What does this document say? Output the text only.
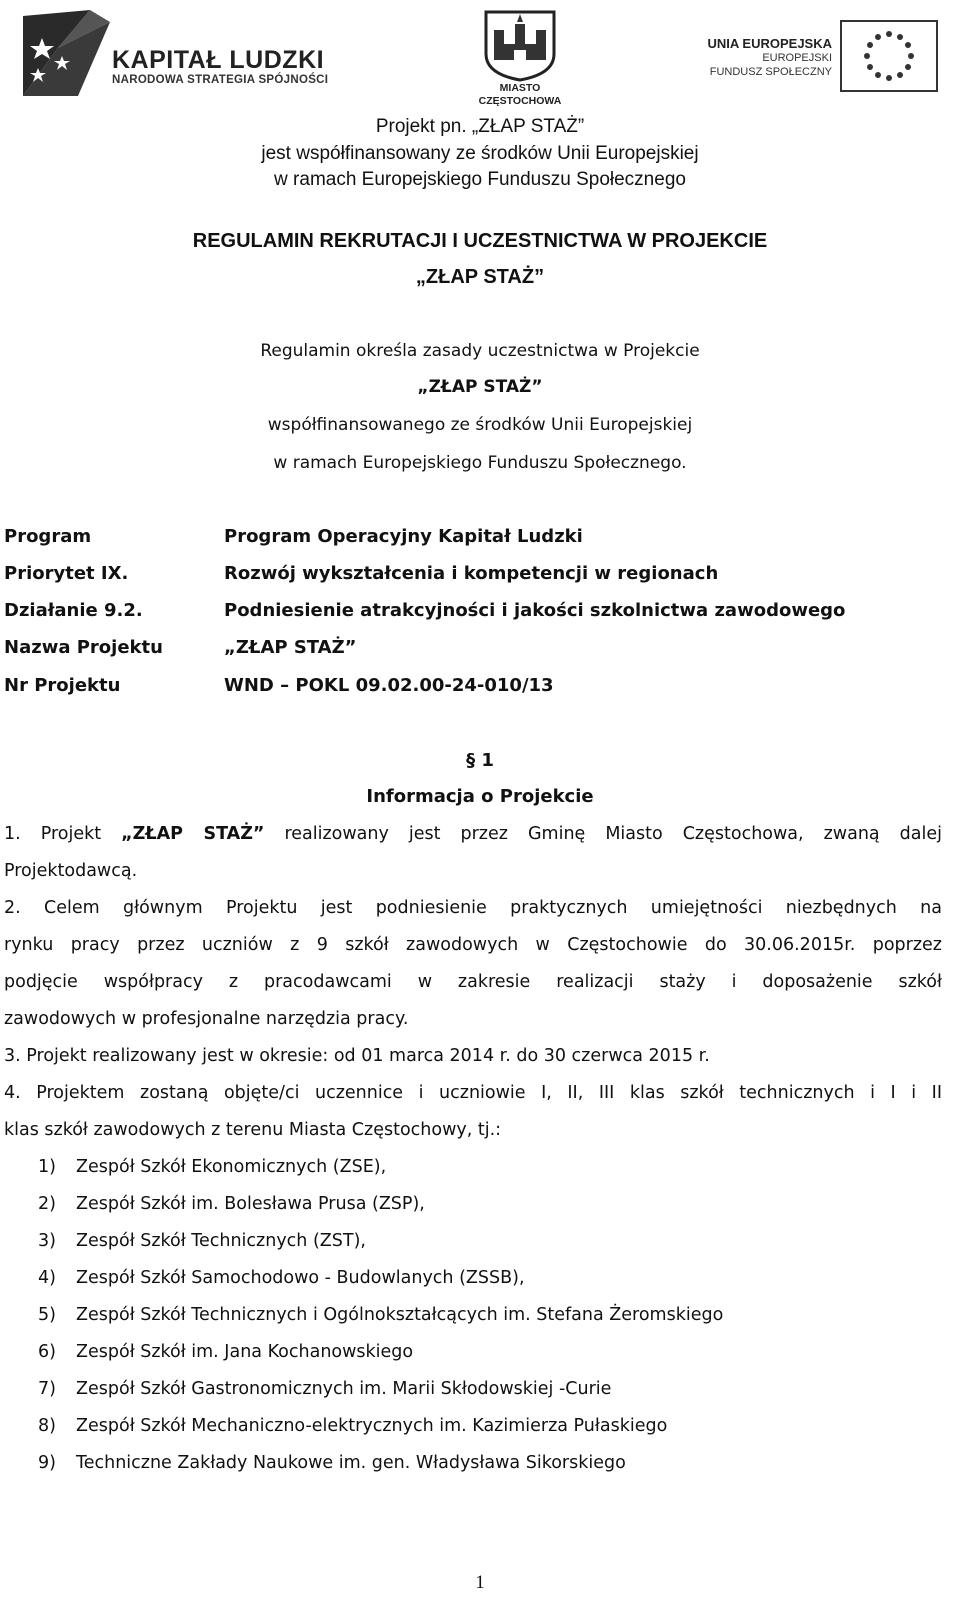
KAPITAŁ LUDZKI
NARODOWA STRATEGIA SPÓJNOŚCI
MIASTO
CZĘSTOCHOWA
UNIA EUROPEJSKA
EUROPEJSKI
FUNDUSZ SPOŁECZNY
Projekt pn. „ZŁAP STAŻ”
jest współfinansowany ze środków Unii Europejskiej
w ramach Europejskiego Funduszu Społecznego
REGULAMIN REKRUTACJI I UCZESTNICTWA W PROJEKCIE
„ZŁAP STAŻ”
Regulamin określa zasady uczestnictwa w Projekcie
„ZŁAP STAŻ”
współfinansowanego ze środków Unii Europejskiej
w ramach Europejskiego Funduszu Społecznego.
Program	Program Operacyjny Kapitał Ludzki
Priorytet IX.	Rozwój wykształcenia i kompetencji w regionach
Działanie 9.2.	Podniesienie atrakcyjności i jakości szkolnictwa zawodowego
Nazwa Projektu	„ZŁAP STAŻ”
Nr Projektu	WND – POKL 09.02.00-24-010/13
§ 1
Informacja o Projekcie
1. Projekt „ZŁAP STAŻ” realizowany jest przez Gminę Miasto Częstochowa, zwaną dalej
Projektodawcą.
2. Celem głównym Projektu jest podniesienie praktycznych umiejętności niezbędnych na
rynku pracy przez uczniów z 9 szkół zawodowych w Częstochowie do 30.06.2015r. poprzez
podjęcie współpracy z pracodawcami w zakresie realizacji staży i doposażenie szkół
zawodowych w profesjonalne narzędzia pracy.
3. Projekt realizowany jest w okresie: od 01 marca 2014 r. do 30 czerwca 2015 r.
4. Projektem zostaną objęte/ci uczennice i uczniowie I, II, III klas szkół technicznych i I i II
klas szkół zawodowych z terenu Miasta Częstochowy, tj.:
1) Zespół Szkół Ekonomicznych (ZSE),
2) Zespół Szkół im. Bolesława Prusa (ZSP),
3) Zespół Szkół Technicznych (ZST),
4) Zespół Szkół Samochodowo - Budowlanych (ZSSB),
5) Zespół Szkół Technicznych i Ogólnokształcących im. Stefana Żeromskiego
6) Zespół Szkół im. Jana Kochanowskiego
7) Zespół Szkół Gastronomicznych im. Marii Skłodowskiej -Curie
8) Zespół Szkół Mechaniczno-elektrycznych im. Kazimierza Pułaskiego
9) Techniczne Zakłady Naukowe im. gen. Władysława Sikorskiego
1
